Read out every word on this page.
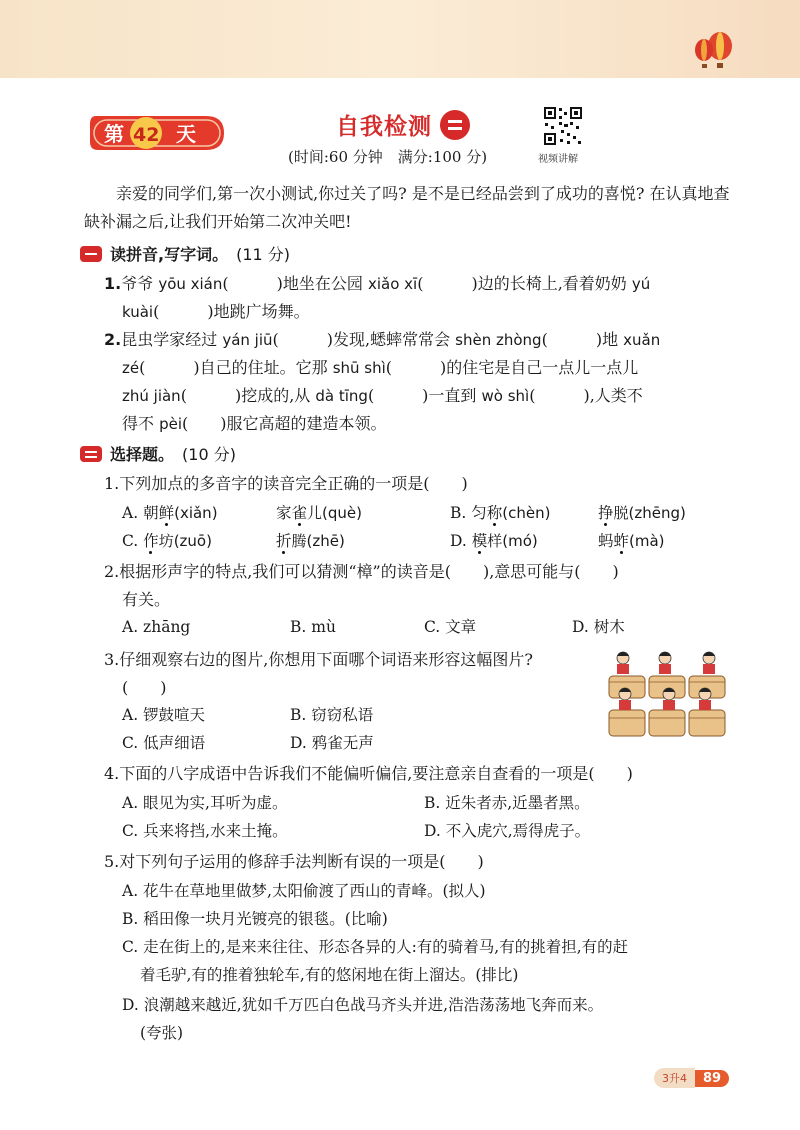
第 42 天	自我检测
视频讲解
(时间:60 分钟　满分:100 分)
亲爱的同学们,第一次小测试,你过关了吗? 是不是已经品尝到了成功的喜悦? 在认真地查缺补漏之后,让我们开始第二次冲关吧!
读拼音,写字词。 (11 分)
1.爷爷 yōu xián(　　　)地坐在公园 xiǎo xī(　　　)边的长椅上,看着奶奶 yú
kuài(　　　)地跳广场舞。
2.昆虫学家经过 yán jiū(　　　)发现,蟋蟀常常会 shèn zhòng(　　　)地 xuǎn
zé(　　　)自己的住址。它那 shū shì(　　　)的住宅是自己一点儿一点儿
zhú jiàn(　　　)挖成的,从 dà tīng(　　　)一直到 wò shì(　　　),人类不
得不 pèi(　　)服它高超的建造本领。
选择题。 (10 分)
1.下列加点的多音字的读音完全正确的一项是(　　)
A. 朝鲜(xiǎn)	家雀儿(què)	B. 匀称(chèn)	挣脱(zhēng)
C. 作坊(zuō)	折腾(zhē)	D. 模样(mó)	蚂蚱(mà)
2.根据形声字的特点,我们可以猜测“樟”的读音是(　　),意思可能与(　　)
有关。
A. zhāng	B. mù	C. 文章	D. 树木
3.仔细观察右边的图片,你想用下面哪个词语来形容这幅图片?
(　　)
A. 锣鼓喧天	B. 窃窃私语
C. 低声细语	D. 鸦雀无声
4.下面的八字成语中告诉我们不能偏听偏信,要注意亲自查看的一项是(　　)
A. 眼见为实,耳听为虚。	B. 近朱者赤,近墨者黑。
C. 兵来将挡,水来土掩。	D. 不入虎穴,焉得虎子。
5.对下列句子运用的修辞手法判断有误的一项是(　　)
A. 花牛在草地里做梦,太阳偷渡了西山的青峰。(拟人)
B. 稻田像一块月光镀亮的银毯。(比喻)
C. 走在街上的,是来来往往、形态各异的人:有的骑着马,有的挑着担,有的赶
着毛驴,有的推着独轮车,有的悠闲地在街上溜达。(排比)
D. 浪潮越来越近,犹如千万匹白色战马齐头并进,浩浩荡荡地飞奔而来。
(夸张)
3升4	89
